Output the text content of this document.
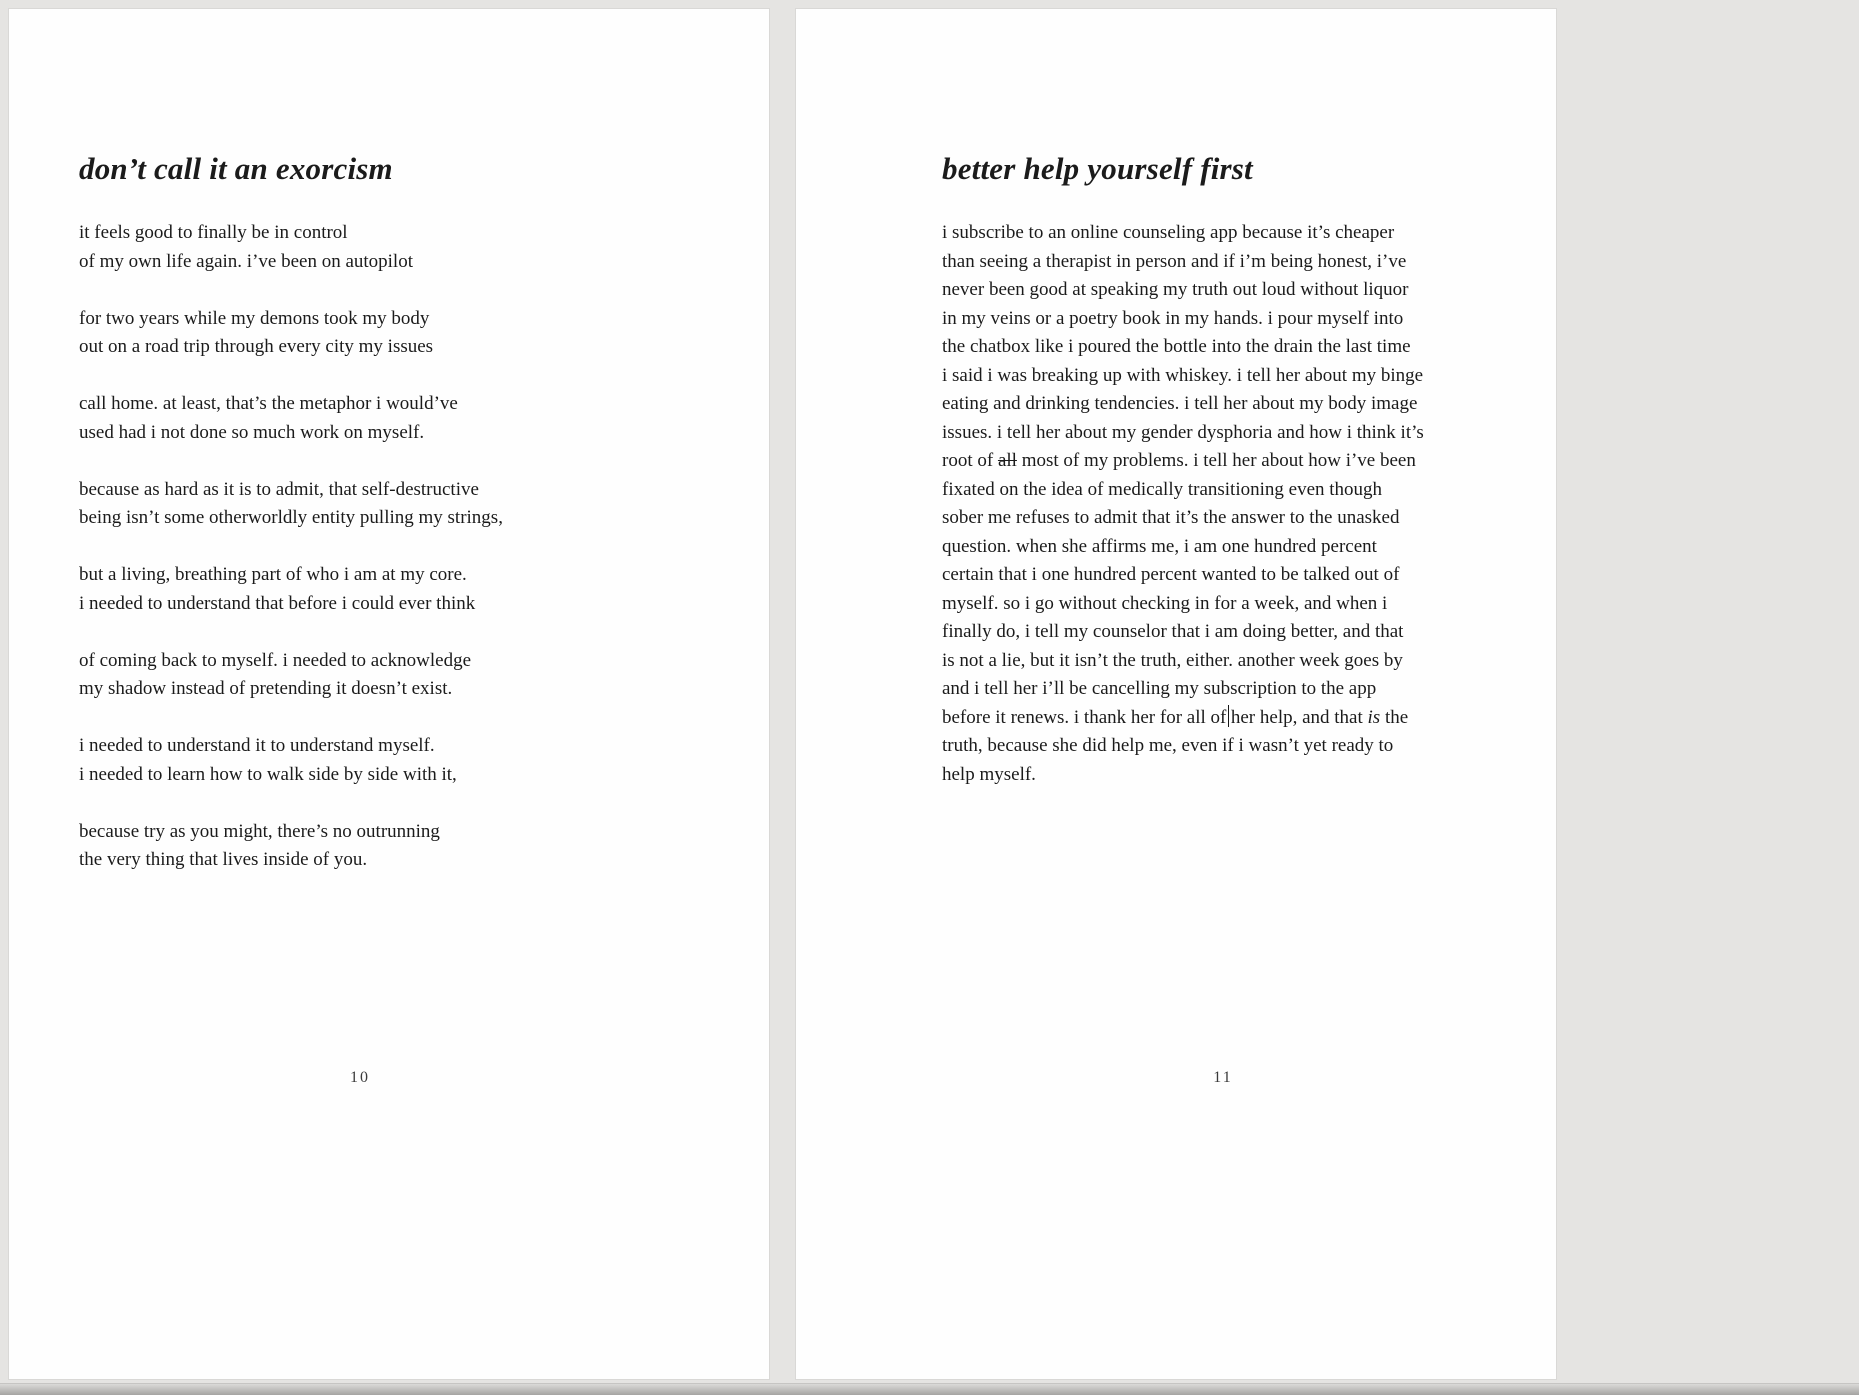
don’t call it an exorcism
it feels good to finally be in control
of my own life again. i’ve been on autopilot
for two years while my demons took my body
out on a road trip through every city my issues
call home. at least, that’s the metaphor i would’ve
used had i not done so much work on myself.
because as hard as it is to admit, that self-destructive
being isn’t some otherworldly entity pulling my strings,
but a living, breathing part of who i am at my core.
i needed to understand that before i could ever think
of coming back to myself. i needed to acknowledge
my shadow instead of pretending it doesn’t exist.
i needed to understand it to understand myself.
i needed to learn how to walk side by side with it,
because try as you might, there’s no outrunning
the very thing that lives inside of you.
10
better help yourself first
i subscribe to an online counseling app because it’s cheaper
than seeing a therapist in person and if i’m being honest, i’ve
never been good at speaking my truth out loud without liquor
in my veins or a poetry book in my hands. i pour myself into
the chatbox like i poured the bottle into the drain the last time
i said i was breaking up with whiskey. i tell her about my binge
eating and drinking tendencies. i tell her about my body image
issues. i tell her about my gender dysphoria and how i think it’s
root of all most of my problems. i tell her about how i’ve been
fixated on the idea of medically transitioning even though
sober me refuses to admit that it’s the answer to the unasked
question. when she affirms me, i am one hundred percent
certain that i one hundred percent wanted to be talked out of
myself. so i go without checking in for a week, and when i
finally do, i tell my counselor that i am doing better, and that
is not a lie, but it isn’t the truth, either. another week goes by
and i tell her i’ll be cancelling my subscription to the app
before it renews. i thank her for all of her help, and that is the
truth, because she did help me, even if i wasn’t yet ready to
help myself.
11
